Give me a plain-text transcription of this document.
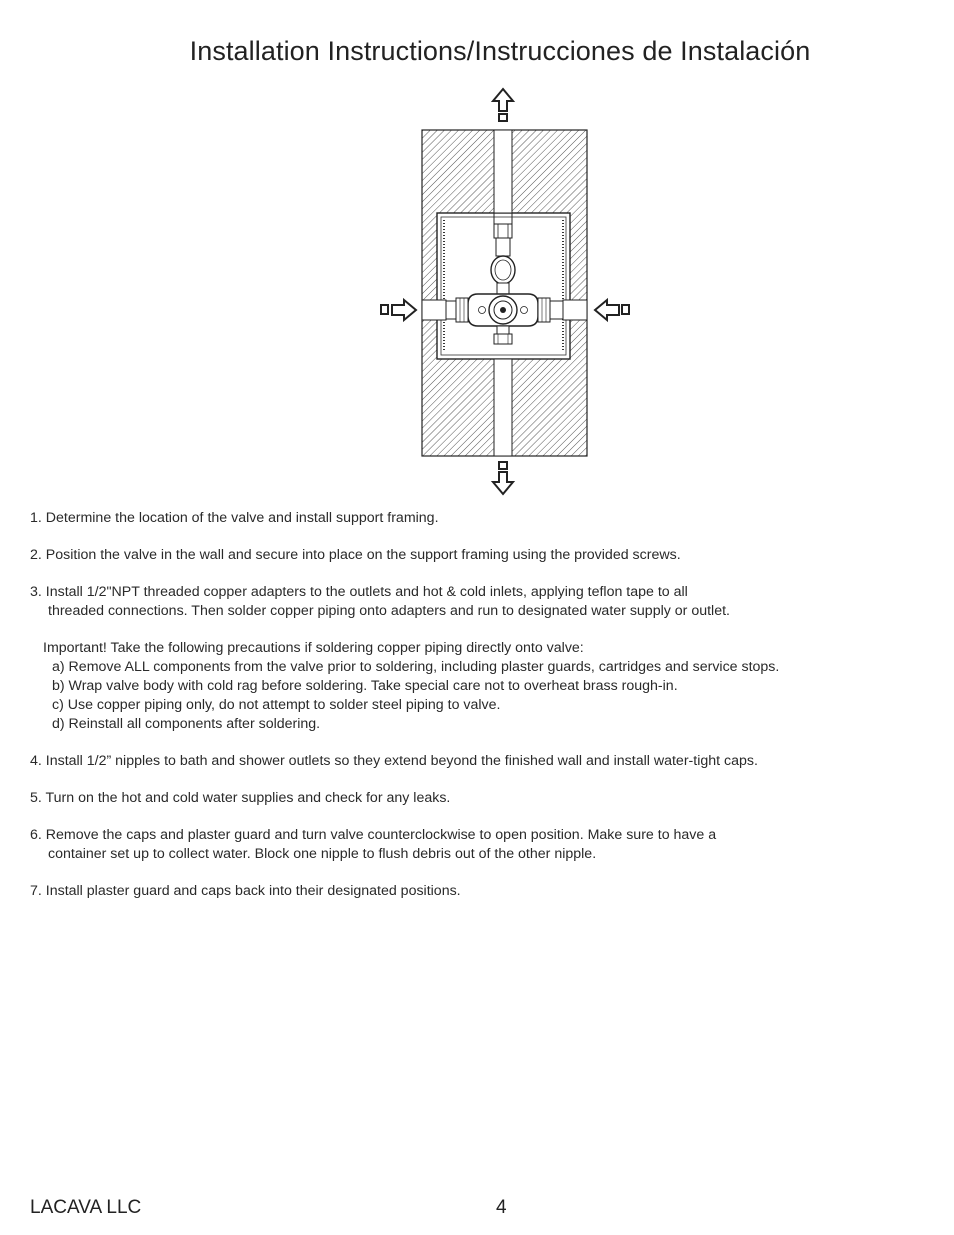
Installation Instructions/Instrucciones de Instalación
1. Determine the location of the valve and install support framing.
2. Position the valve in the wall and secure into place on the support framing using the provided screws.
3. Install 1/2"NPT threaded copper adapters to the outlets and hot & cold inlets, applying teflon tape to all
threaded connections. Then solder copper piping onto adapters and run to designated water supply or outlet.
Important! Take the following precautions if soldering copper piping directly onto valve:
a) Remove ALL components from the valve prior to soldering, including plaster guards, cartridges and service stops.
b) Wrap valve body with cold rag before soldering. Take special care not to overheat brass rough-in.
c) Use copper piping only, do not attempt to solder steel piping to valve.
d) Reinstall all components after soldering.
4. Install 1/2” nipples to bath and shower outlets so they extend beyond the finished wall and install water-tight caps.
5. Turn on the hot and cold water supplies and check for any leaks.
6. Remove the caps and plaster guard and turn valve counterclockwise to open position. Make sure to have a
container set up to collect water. Block one nipple to flush debris out of the other nipple.
7. Install plaster guard and caps back into their designated positions.
LACAVA LLC	4
